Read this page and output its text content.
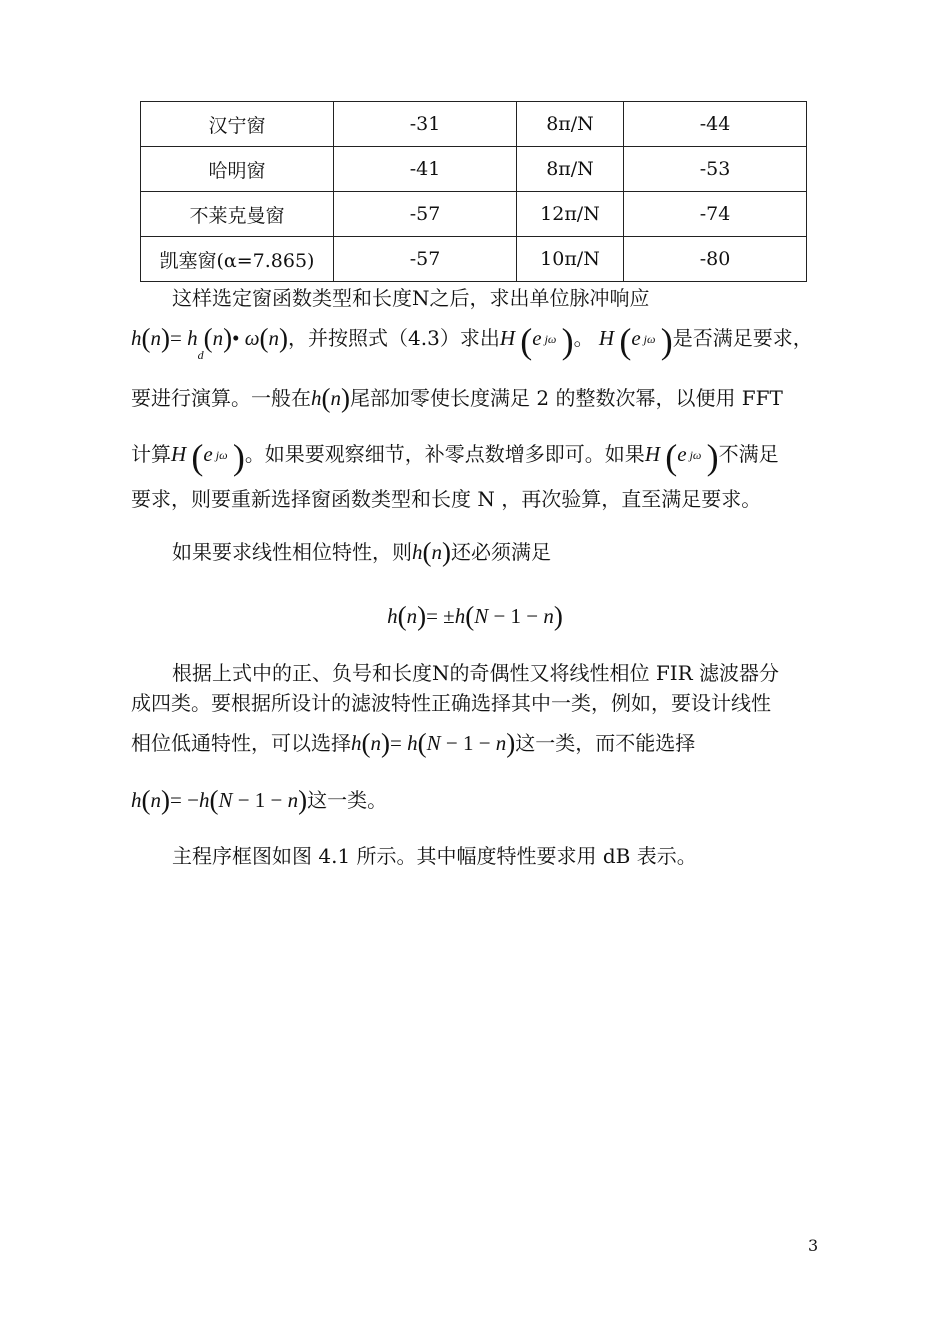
汉宁窗	-31	8π/N	-44
哈明窗	-41	8π/N	-53
不莱克曼窗	-57	12π/N	-74
凯塞窗(α=7.865)	-57	10π/N	-80
这样选定窗函数类型和长度N之后，求出单位脉冲响应
$h(n)= h_d(n)•$ ω(n)，并按照式（4.3）求出H (e jω )。 H (e jω )是否满足要求，
要进行演算。一般在h(n)尾部加零使长度满足 2 的整数次幂，以便用 FFT
计算H (e jω )。如果要观察细节，补零点数增多即可。如果H (e jω )不满足
要求，则要重新选择窗函数类型和长度 N ，再次验算，直至满足要求。
如果要求线性相位特性，则h(n)还必须满足
h(n)= ±h(N − 1 − n)
根据上式中的正、负号和长度N的奇偶性又将线性相位 FIR 滤波器分
成四类。要根据所设计的滤波特性正确选择其中一类，例如，要设计线性
相位低通特性，可以选择h(n)= h(N − 1 − n)这一类，而不能选择
h(n)= −h(N − 1 − n)这一类。
主程序框图如图 4.1 所示。其中幅度特性要求用 dB 表示。
3
